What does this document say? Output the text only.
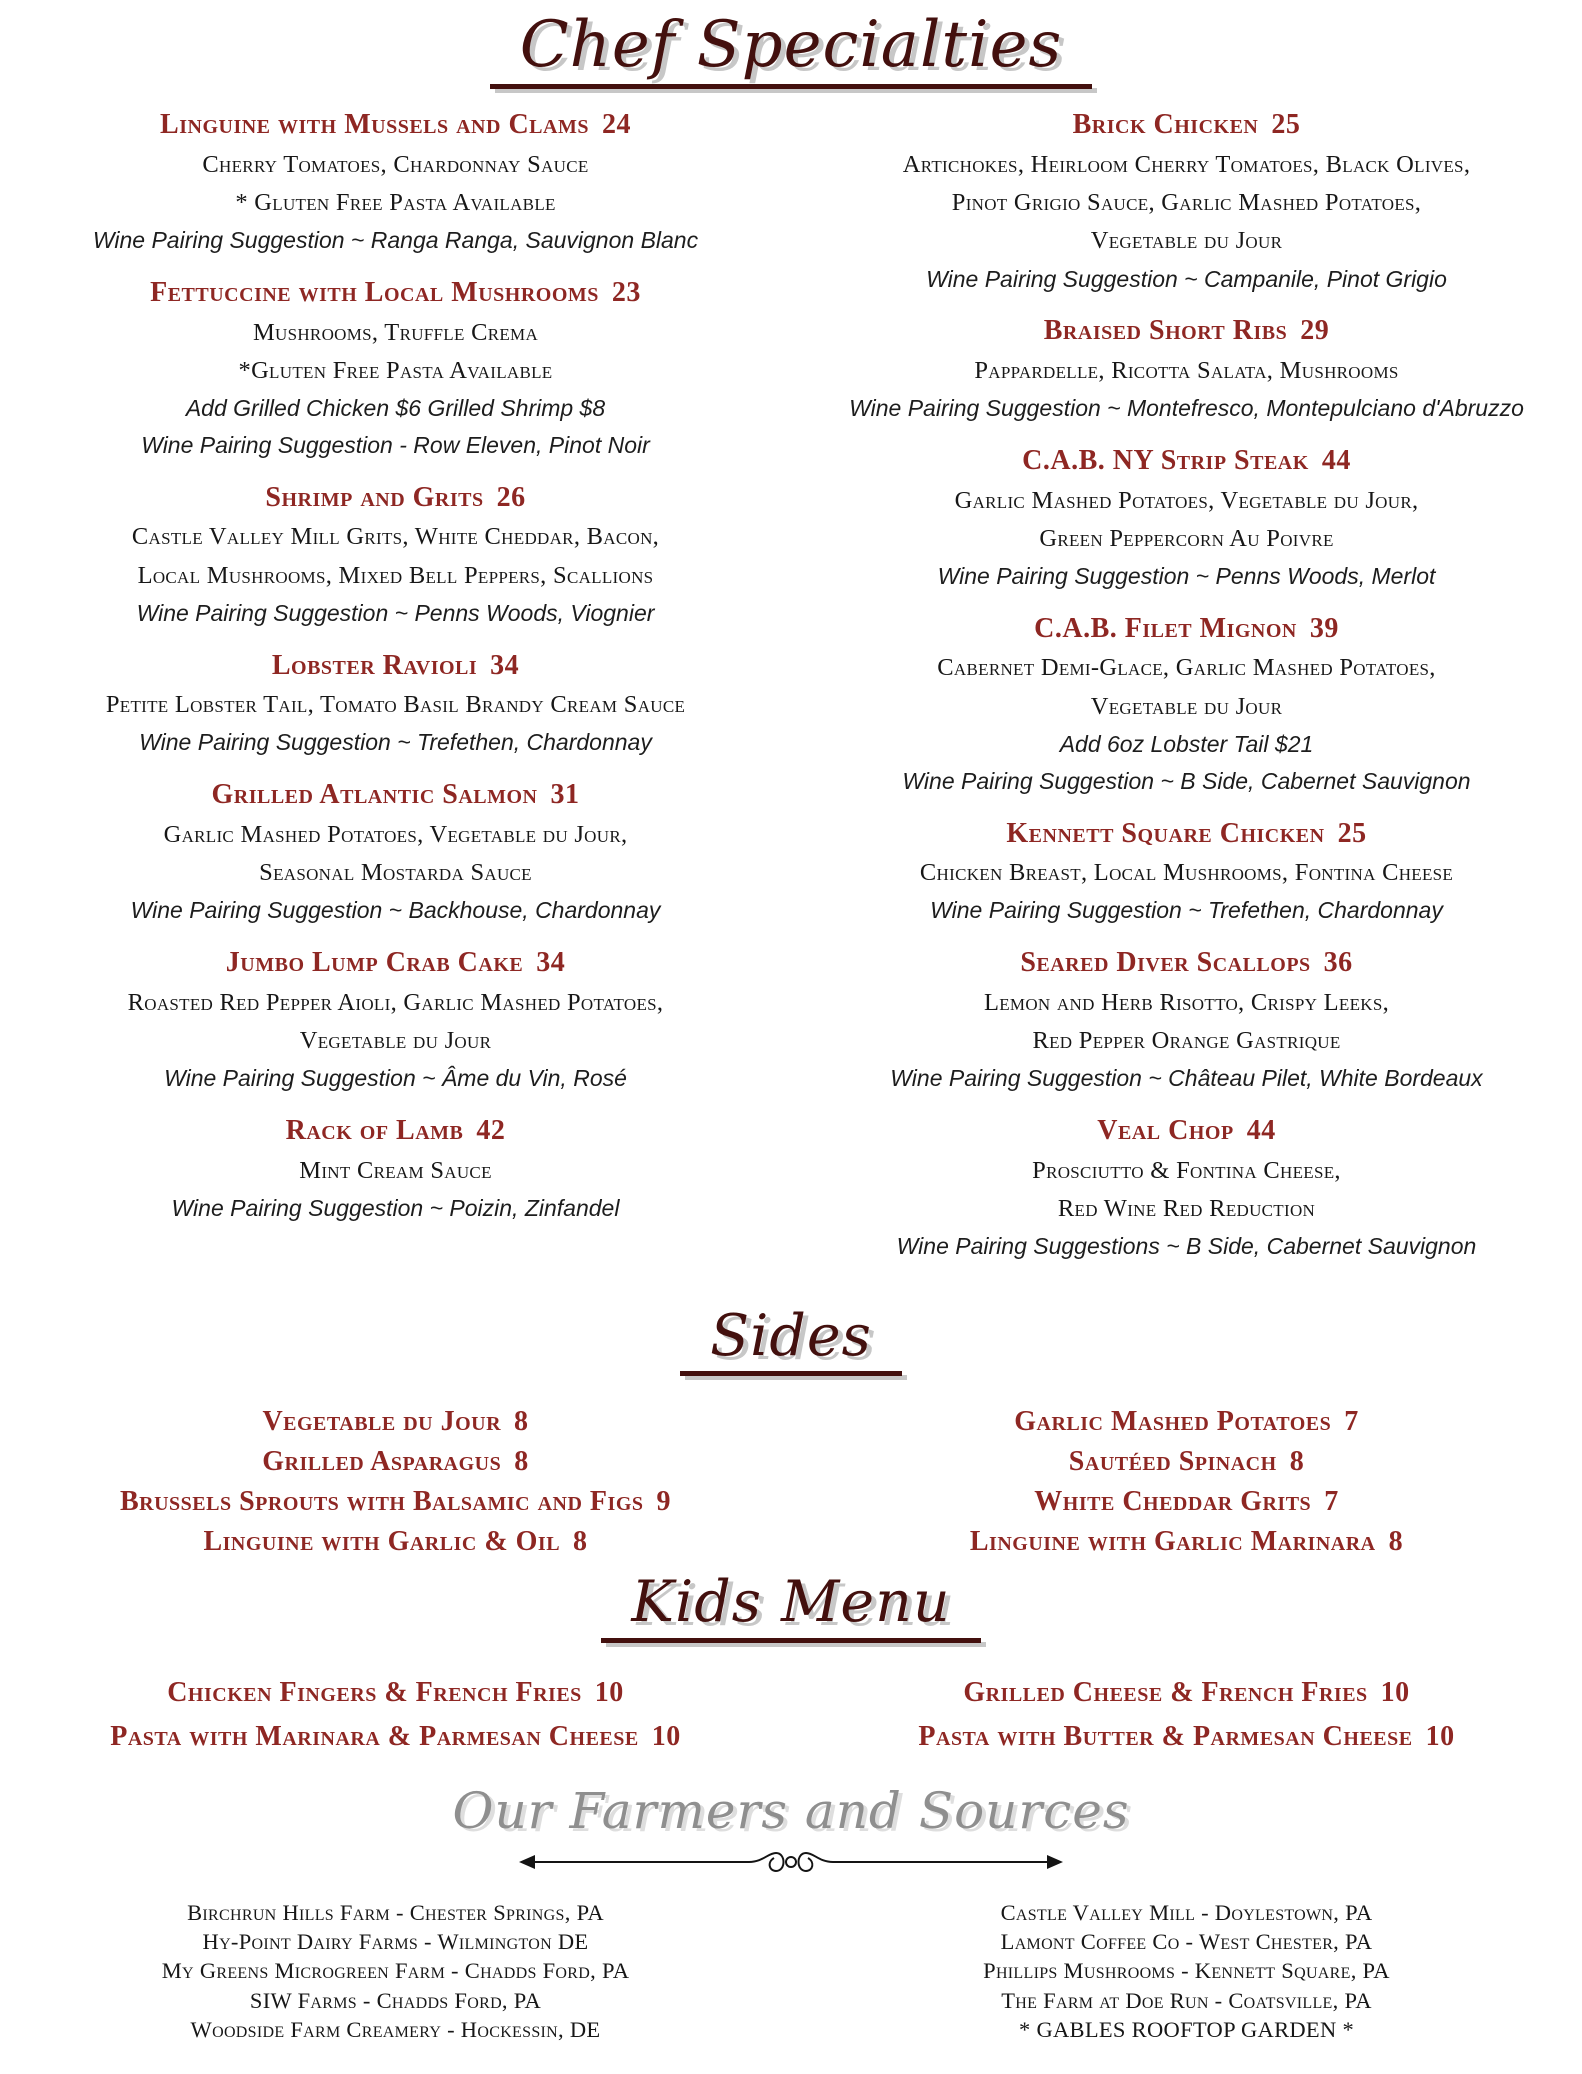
Chef Specialties
Linguine with Mussels and Clams 24
Cherry Tomatoes, Chardonnay Sauce
* Gluten Free Pasta Available
Wine Pairing Suggestion ~ Ranga Ranga, Sauvignon Blanc
Fettuccine with Local Mushrooms 23
Mushrooms, Truffle Crema
*Gluten Free Pasta Available
Add Grilled Chicken $6 Grilled Shrimp $8
Wine Pairing Suggestion - Row Eleven, Pinot Noir
Shrimp and Grits 26
Castle Valley Mill Grits, White Cheddar, Bacon,
Local Mushrooms, Mixed Bell Peppers, Scallions
Wine Pairing Suggestion ~ Penns Woods, Viognier
Lobster Ravioli 34
Petite Lobster Tail, Tomato Basil Brandy Cream Sauce
Wine Pairing Suggestion ~ Trefethen, Chardonnay
Grilled Atlantic Salmon 31
Garlic Mashed Potatoes, Vegetable du Jour,
Seasonal Mostarda Sauce
Wine Pairing Suggestion ~ Backhouse, Chardonnay
Jumbo Lump Crab Cake 34
Roasted Red Pepper Aioli, Garlic Mashed Potatoes,
Vegetable du Jour
Wine Pairing Suggestion ~ Âme du Vin, Rosé
Rack of Lamb 42
Mint Cream Sauce
Wine Pairing Suggestion ~ Poizin, Zinfandel
Brick Chicken 25
Artichokes, Heirloom Cherry Tomatoes, Black Olives,
Pinot Grigio Sauce, Garlic Mashed Potatoes,
Vegetable du Jour
Wine Pairing Suggestion ~ Campanile, Pinot Grigio
Braised Short Ribs 29
Pappardelle, Ricotta Salata, Mushrooms
Wine Pairing Suggestion ~ Montefresco, Montepulciano d'Abruzzo
C.A.B. NY Strip Steak 44
Garlic Mashed Potatoes, Vegetable du Jour,
Green Peppercorn Au Poivre
Wine Pairing Suggestion ~ Penns Woods, Merlot
C.A.B. Filet Mignon 39
Cabernet Demi-Glace, Garlic Mashed Potatoes,
Vegetable du Jour
Add 6oz Lobster Tail $21
Wine Pairing Suggestion ~ B Side, Cabernet Sauvignon
Kennett Square Chicken 25
Chicken Breast, Local Mushrooms, Fontina Cheese
Wine Pairing Suggestion ~ Trefethen, Chardonnay
Seared Diver Scallops 36
Lemon and Herb Risotto, Crispy Leeks,
Red Pepper Orange Gastrique
Wine Pairing Suggestion ~ Château Pilet, White Bordeaux
Veal Chop 44
Prosciutto & Fontina Cheese,
Red Wine Red Reduction
Wine Pairing Suggestions ~ B Side, Cabernet Sauvignon
Sides
Vegetable du Jour 8
Grilled Asparagus 8
Brussels Sprouts with Balsamic and Figs 9
Linguine with Garlic & Oil 8
Garlic Mashed Potatoes 7
Sautéed Spinach 8
White Cheddar Grits 7
Linguine with Garlic Marinara 8
Kids Menu
Chicken Fingers & French Fries 10
Pasta with Marinara & Parmesan Cheese 10
Grilled Cheese & French Fries 10
Pasta with Butter & Parmesan Cheese 10
Our Farmers and Sources
Birchrun Hills Farm - Chester Springs, PA
Hy-Point Dairy Farms - Wilmington DE
My Greens Microgreen Farm - Chadds Ford, PA
SIW Farms - Chadds Ford, PA
Woodside Farm Creamery - Hockessin, DE
Castle Valley Mill - Doylestown, PA
Lamont Coffee Co - West Chester, PA
Phillips Mushrooms - Kennett Square, PA
The Farm at Doe Run - Coatsville, PA
* GABLES ROOFTOP GARDEN *
